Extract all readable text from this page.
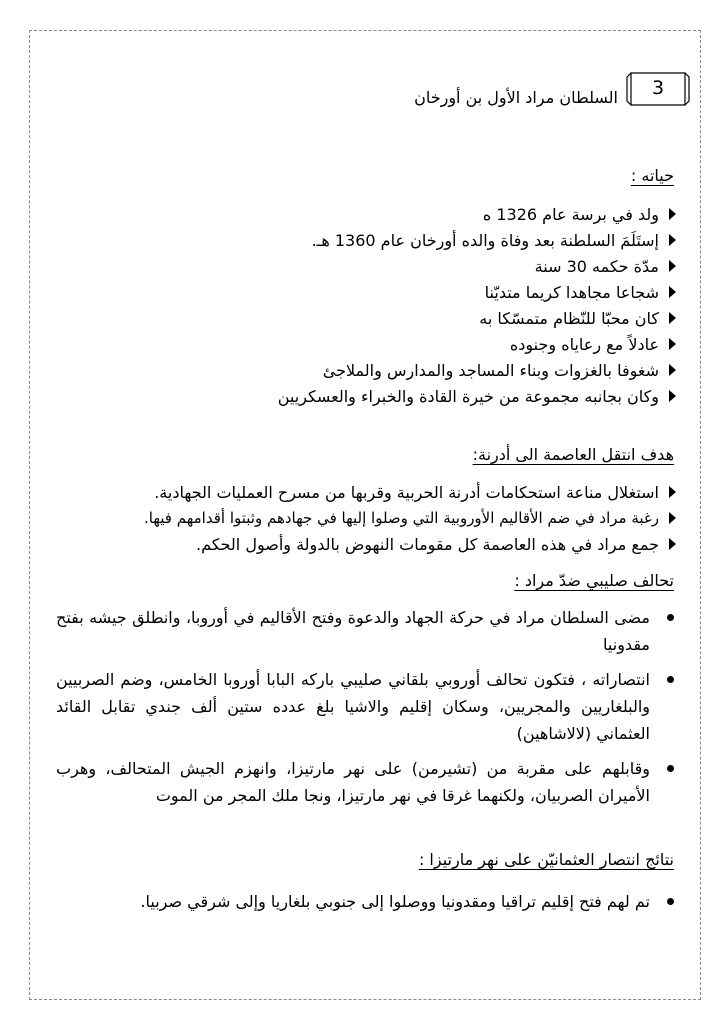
3
السلطان مراد الأول بن أورخان
حياته :
ولد في برسة عام 1326 ه
إستَلَمَ السلطنة بعد وفاة والده أورخان عام 1360 هـ.
مدّة حكمه 30 سنة
شجاعا مجاهدا كريما متديّنا
كان محبّا للنّظام متمسّكا به
عادلاً مع رعاياه وجنوده
شغوفا بالغزوات وبناء المساجد والمدارس والملاجئ
وكان بجانبه مجموعة من خيرة القادة والخبراء والعسكريين
هدف انتقل العاصمة الى أدرنة:
استغلال مناعة استحكامات أدرنة الحربية وقربها من مسرح العمليات الجهادية.
رغبة مراد في ضم الأقاليم الأوروبية التي وصلوا إليها في جهادهم وثبتوا أقدامهم فيها.
جمع مراد في هذه العاصمة كل مقومات النهوض بالدولة وأصول الحكم.
تحالف صليبي ضدّ مراد :
مضى السلطان مراد في حركة الجهاد والدعوة وفتح الأقاليم في أوروبا، وانطلق جيشه بفتح مقدونيا
انتصاراته ، فتكون تحالف أوروبي بلقاني صليبي باركه البابا أوروبا الخامس، وضم الصربيين والبلغاريين والمجريين، وسكان إقليم والاشيا بلغ عدده ستين ألف جندي تقابل القائد العثماني (لالاشاهين)
وقابلهم على مقربة من (تشيرمن) على نهر مارتيزا، وانهزم الجيش المتحالف، وهرب الأميران الصربيان، ولكنهما غرقا في نهر مارتيزا، ونجا ملك المجر من الموت
نتائج انتصار العثمانيّن على نهر مارتيزا :
تم لهم فتح إقليم تراقيا ومقدونيا ووصلوا إلى جنوبي بلغاريا وإلى شرقي صربيا.
